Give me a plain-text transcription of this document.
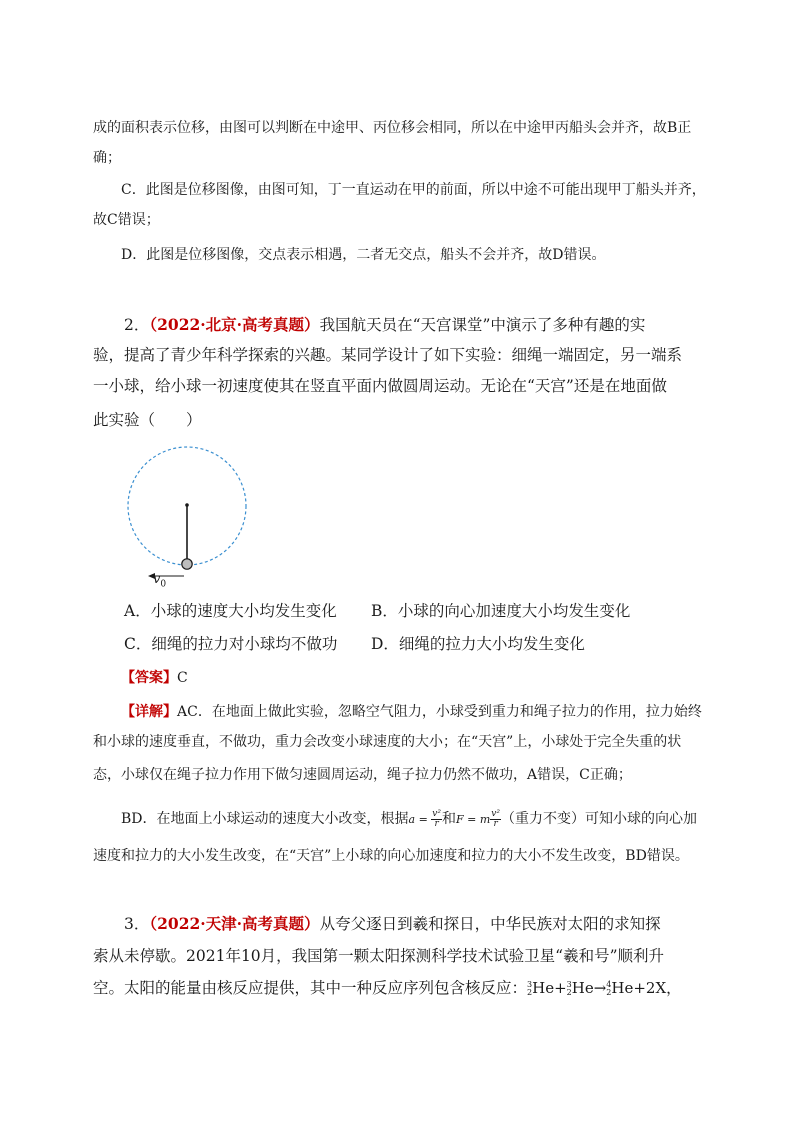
成的面积表示位移，由图可以判断在中途甲、丙位移会相同，所以在中途甲丙船头会并齐，故B正
确；
C．此图是位移图像，由图可知，丁一直运动在甲的前面，所以中途不可能出现甲丁船头并齐，
故C错误；
D．此图是位移图像，交点表示相遇，二者无交点，船头不会并齐，故D错误。
2．（2022·北京·高考真题）我国航天员在“天宫课堂”中演示了多种有趣的实
验，提高了青少年科学探索的兴趣。某同学设计了如下实验：细绳一端固定，另一端系
一小球，给小球一初速度使其在竖直平面内做圆周运动。无论在“天宫”还是在地面做
此实验（　　）
$v_0$
A．小球的速度大小均发生变化 B．小球的向心加速度大小均发生变化
C．细绳的拉力对小球均不做功 D．细绳的拉力大小均发生变化
【答案】C
【详解】AC．在地面上做此实验，忽略空气阻力，小球受到重力和绳子拉力的作用，拉力始终
和小球的速度垂直，不做功，重力会改变小球速度的大小；在“天宫”上，小球处于完全失重的状
态，小球仅在绳子拉力作用下做匀速圆周运动，绳子拉力仍然不做功，A错误，C正确；
BD．在地面上小球运动的速度大小改变，根据$a = \frac{\text{v²}}{r}$ 和F = m $\frac{\text{v²}}{r}$ （重力不变）可知小球的向心加
速度和拉力的大小发生改变，在“天宫”上小球的向心加速度和拉力的大小不发生改变，BD错误。
3．（2022·天津·高考真题）从夸父逐日到羲和探日，中华民族对太阳的求知探
索从未停歇。2021年10月，我国第一颗太阳探测科学技术试验卫星“羲和号”顺利升
空。太阳的能量由核反应提供，其中一种反应序列包含核反应： 3
2 He+ 3
2 He→ 4
2 He+2X，
